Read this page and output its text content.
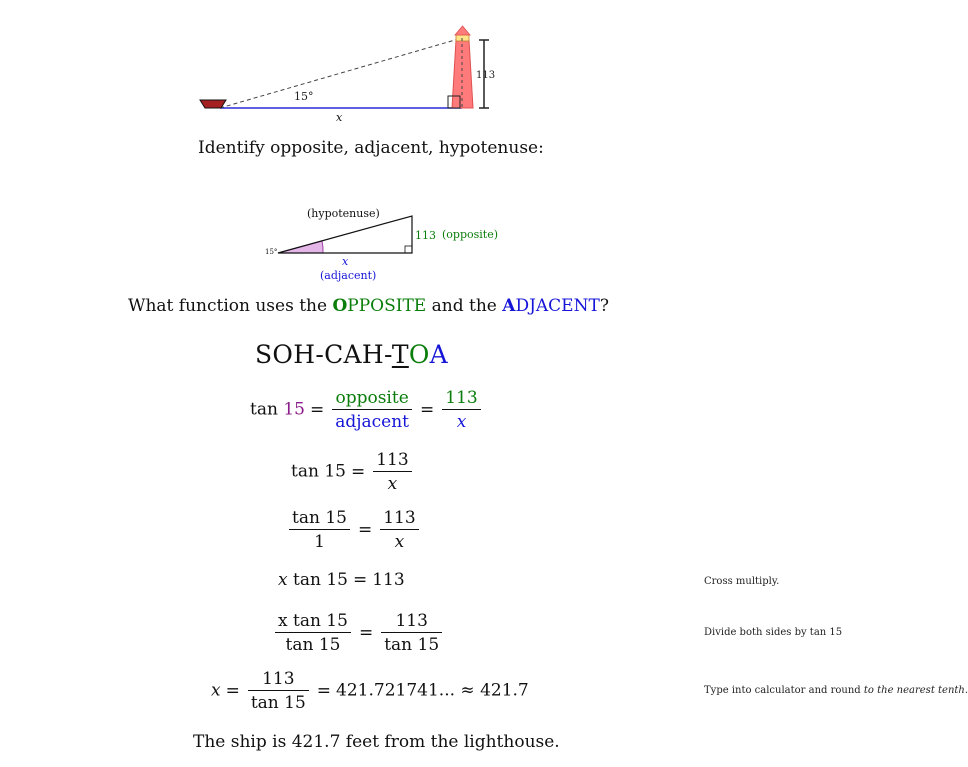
15°
113
x
Identify opposite, adjacent, hypotenuse:
(hypotenuse)
113 (opposite)
15°
x
(adjacent)
What function uses the OPPOSITE and the ADJACENT?
SOH-CAH-TOA
$\tan 15 = \frac{\text{opposite}}{\text{adjacent}} = \frac{113}{x}$
$\tan 15 = \frac{113}{x}$
$\frac{\tan 15}{1} = \frac{113}{x}$
x tan 15 = 113	Cross multiply.
$\frac{\text{x tan 15}}{\tan 15} = \frac{113}{\tan 15}$	Divide both sides by tan 15
$x = \frac{113}{\tan 15} = 421.721741$... ≈ 421.7	Type into calculator and round to the nearest tenth.
The ship is 421.7 feet from the lighthouse.
